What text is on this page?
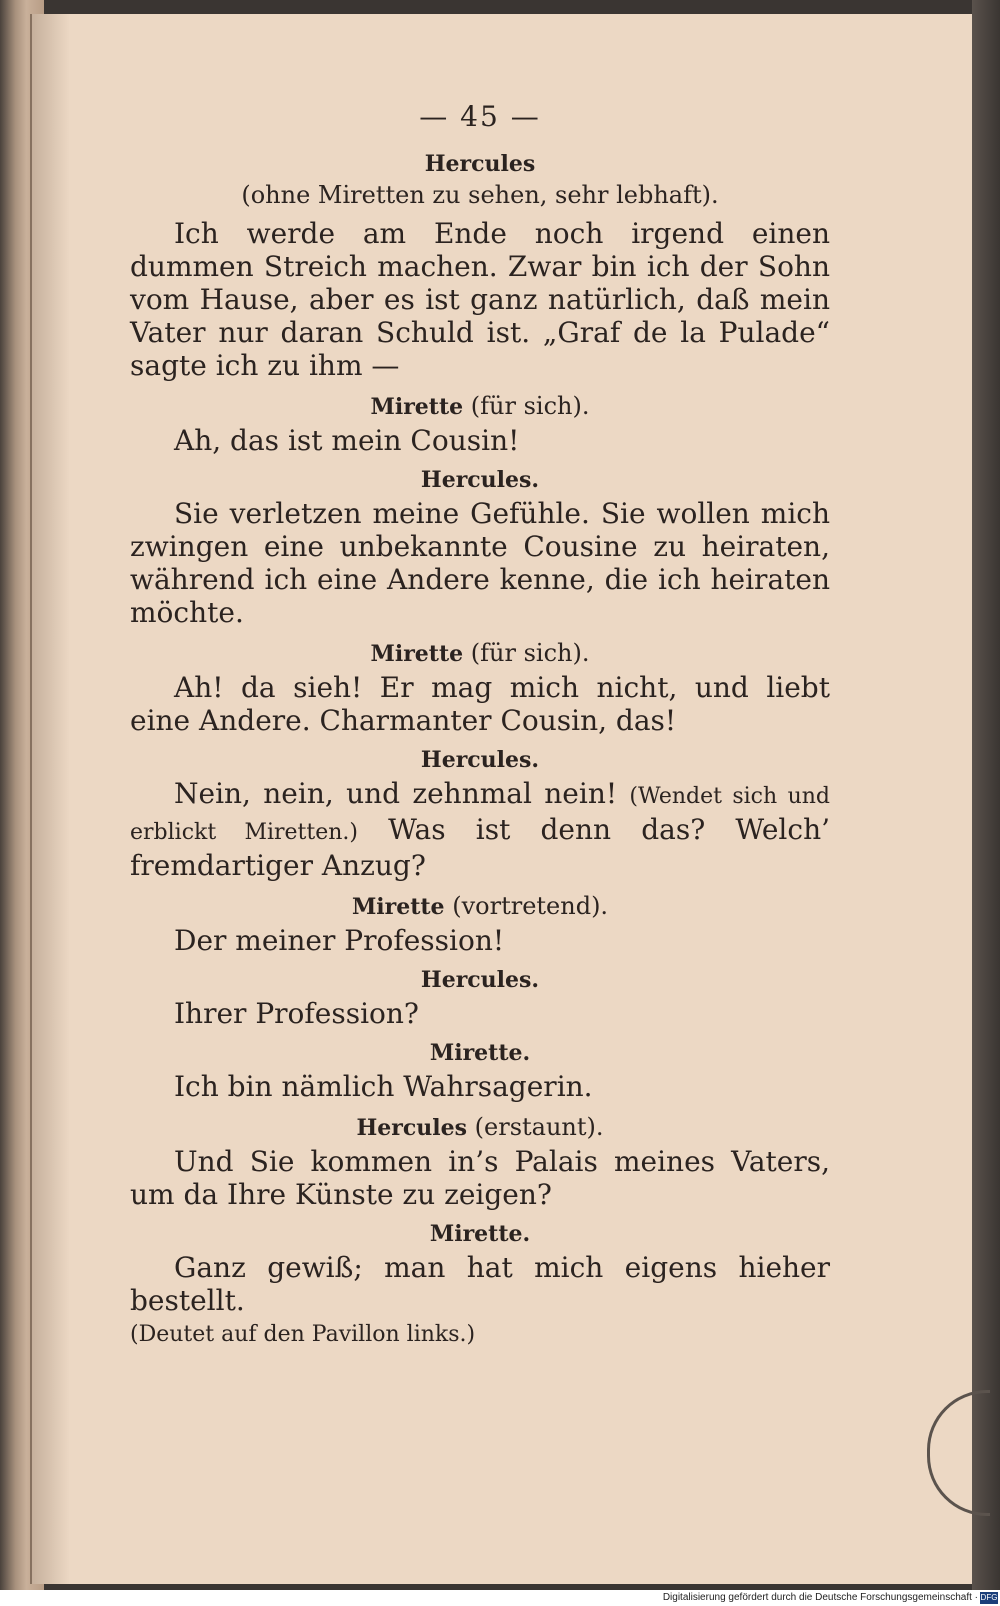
— 45 —
Hercules
(ohne Miretten zu sehen, sehr lebhaft).

Ich werde am Ende noch irgend einen dummen Streich machen. Zwar bin ich der Sohn vom Hause, aber es ist ganz natürlich, daß mein Vater nur daran Schuld ist. „Graf de la Pulade“ sagte ich zu ihm —

Mirette (für sich).

Ah, das ist mein Cousin!

Hercules.

Sie verletzen meine Gefühle. Sie wollen mich zwingen eine unbekannte Cousine zu heiraten, während ich eine Andere kenne, die ich heiraten möchte.

Mirette (für sich).

Ah! da sieh! Er mag mich nicht, und liebt eine Andere. Charmanter Cousin, das!

Hercules.

Nein, nein, und zehnmal nein! (Wendet sich und erblickt Miretten.) Was ist denn das? Welch’ fremdartiger Anzug?

Mirette (vortretend).

Der meiner Profession!

Hercules.

Ihrer Profession?

Mirette.

Ich bin nämlich Wahrsagerin.

Hercules (erstaunt).

Und Sie kommen in’s Palais meines Vaters, um da Ihre Künste zu zeigen?

Mirette.

Ganz gewiß; man hat mich eigens hieher bestellt.

(Deutet auf den Pavillon links.)

Digitalisierung gefördert durch die Deutsche Forschungsgemeinschaft · DFG
